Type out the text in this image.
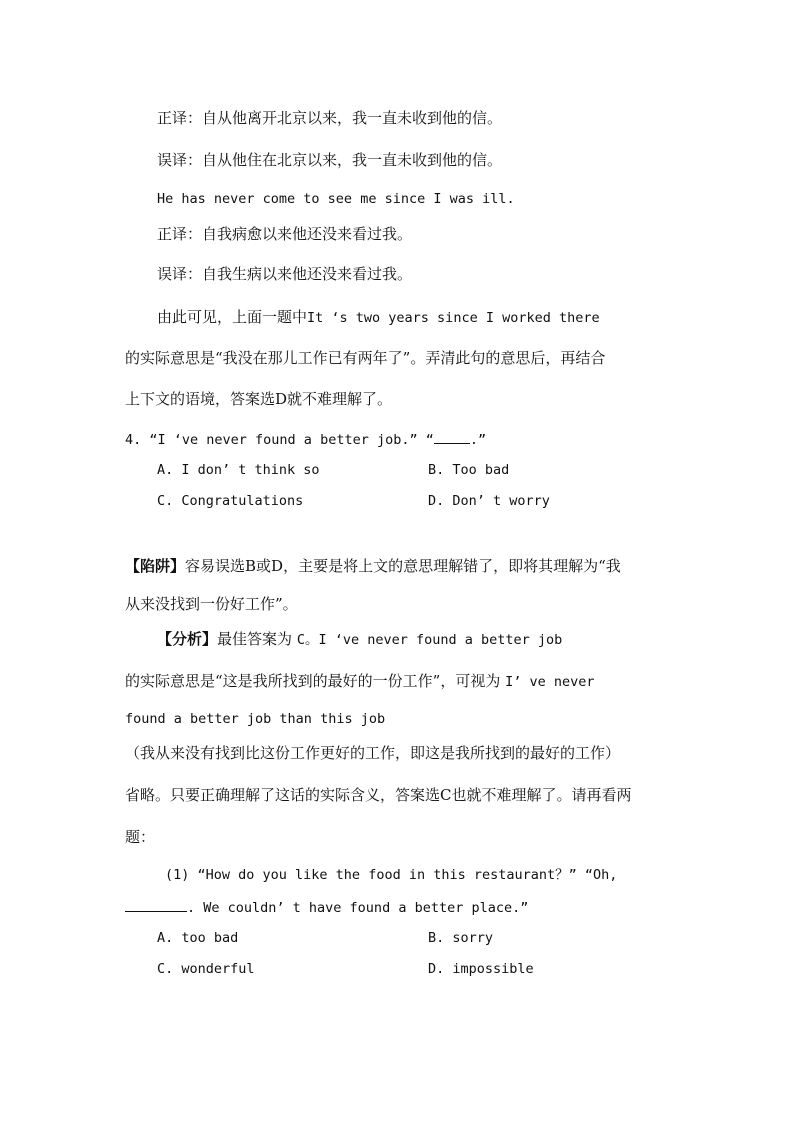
正译：自从他离开北京以来，我一直未收到他的信。
误译：自从他住在北京以来，我一直未收到他的信。
He has never come to see me since I was ill.
正译：自我病愈以来他还没来看过我。
误译：自我生病以来他还没来看过我。
由此可见，上面一题中It ‘s two years since I worked there
的实际意思是“我没在那儿工作已有两年了”。弄清此句的意思后，再结合
上下文的语境，答案选D就不难理解了。
4. “I ‘ve never found a better job.” “	.”
A. I don’ t think so	B. Too bad
C. Congratulations	D. Don’ t worry
【陷阱】容易误选B或D，主要是将上文的意思理解错了，即将其理解为“我
从来没找到一份好工作”。
【分析】最佳答案为 C。I ‘ve never found a better job
的实际意思是“这是我所找到的最好的一份工作”，可视为 I’ ve never
found a better job than this job
（我从来没有找到比这份工作更好的工作，即这是我所找到的最好的工作）
省略。只要正确理解了这话的实际含义，答案选C也就不难理解了。请再看两
题：
(1) “How do you like the food in this restaurant？” “Oh,
. We couldn’ t have found a better place.”
A. too bad	B. sorry
C. wonderful	D. impossible
